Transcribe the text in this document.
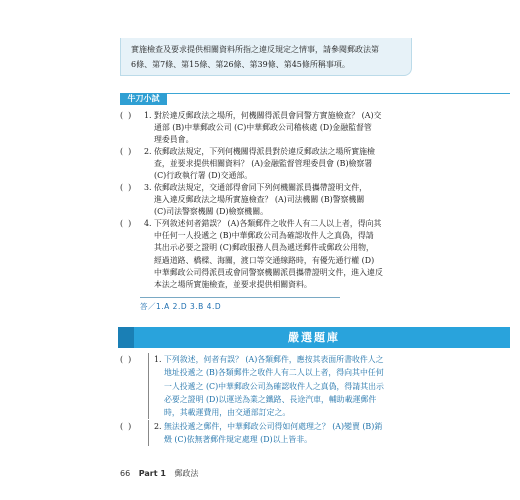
實施檢查及要求提供相關資料所指之違反規定之情事，請參閱郵政法第
6條、第7條、第15條、第26條、第39條、第45條所稱事項。
牛刀小試
(  )	1. 對於違反郵政法之場所，何機關得派員會同警方實施檢查？ (A)交
通部 (B)中華郵政公司 (C)中華郵政公司稽核處 (D)金融監督管
理委員會。
(  )	2. 依郵政法規定，下列何機關得派員對於違反郵政法之場所實施檢
查，並要求提供相關資料？ (A)金融監督管理委員會 (B)檢察署
(C)行政執行署 (D)交通部。
(  )	3. 依郵政法規定，交通部得會同下列何機關派員攜帶證明文件，
進入違反郵政法之場所實施檢查？ (A)司法機關 (B)警察機關
(C)司法警察機關 (D)檢察機關。
(  )	4. 下列敘述何者錯誤？ (A)各類郵件之收件人有二人以上者，得向其
中任何一人投遞之 (B)中華郵政公司為確認收件人之真偽，得請
其出示必要之證明 (C)郵政服務人員為遞送郵件或郵政公用物，
經過道路、橋樑、海關，渡口等交通線路時，有優先通行權 (D)
中華郵政公司得派員或會同警察機關派員攜帶證明文件，進入違反
本法之場所實施檢查，並要求提供相關資料。
答／1.A 2.D 3.B 4.D
嚴選題庫
(  )	1. 下列敘述，何者有誤？ (A)各類郵件，應按其表面所書收件人之
地址投遞之 (B)各類郵件之收件人有二人以上者，得向其中任何
一人投遞之 (C)中華郵政公司為確認收件人之真偽，得請其出示
必要之證明 (D)以運送為業之鐵路、長途汽車，輔助載運郵件
時，其載運費用，由交通部訂定之。
(  )	2. 無法投遞之郵件，中華郵政公司得如何處理之？ (A)變賣 (B)銷
燬 (C)依無著郵件規定處理 (D)以上皆非。
66 Part 1 郵政法
